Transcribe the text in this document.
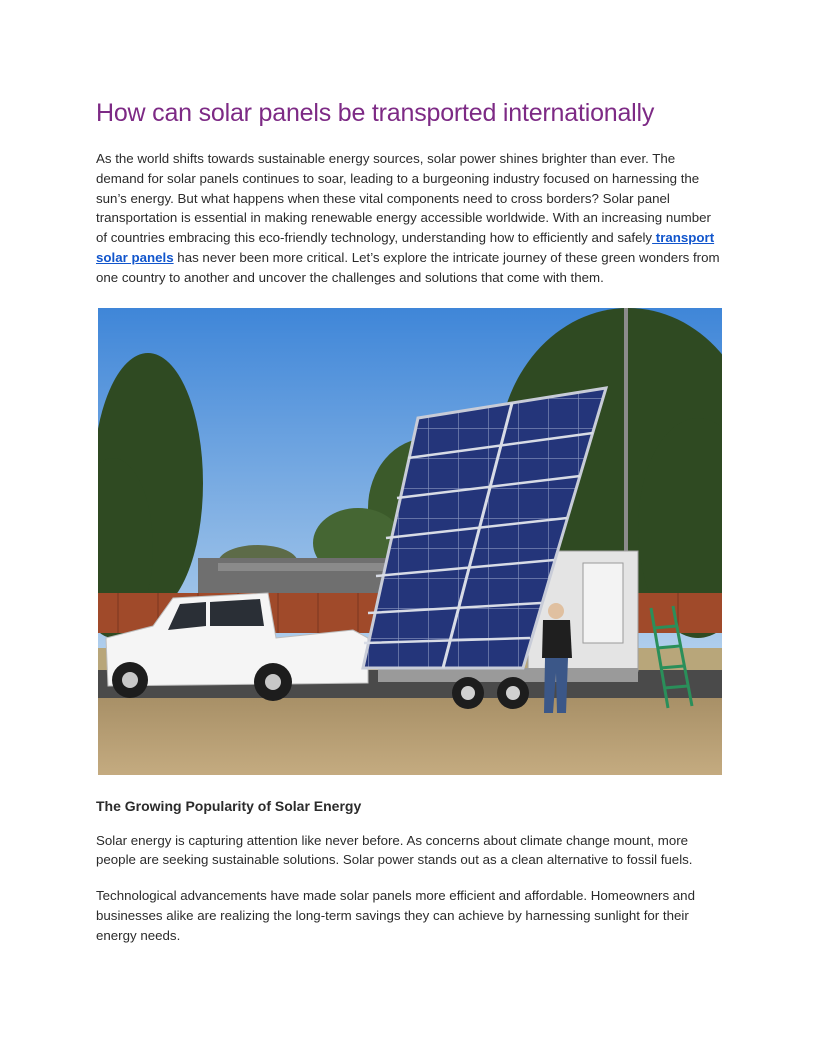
How can solar panels be transported internationally

As the world shifts towards sustainable energy sources, solar power shines brighter than ever. The demand for solar panels continues to soar, leading to a burgeoning industry focused on harnessing the sun’s energy. But what happens when these vital components need to cross borders? Solar panel transportation is essential in making renewable energy accessible worldwide. With an increasing number of countries embracing this eco-friendly technology, understanding how to efficiently and safely transport solar panels has never been more critical. Let’s explore the intricate journey of these green wonders from one country to another and uncover the challenges and solutions that come with them.

The Growing Popularity of Solar Energy

Solar energy is capturing attention like never before. As concerns about climate change mount, more people are seeking sustainable solutions. Solar power stands out as a clean alternative to fossil fuels.

Technological advancements have made solar panels more efficient and affordable. Homeowners and businesses alike are realizing the long-term savings they can achieve by harnessing sunlight for their energy needs.
